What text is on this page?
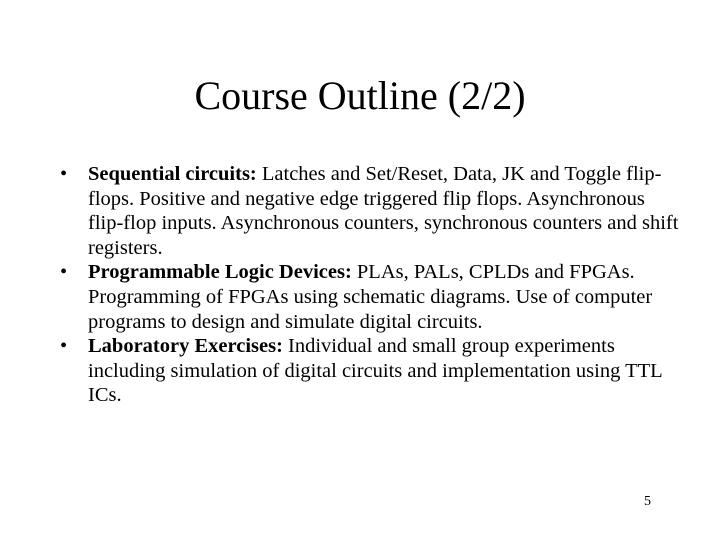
Course Outline (2/2)
•	Sequential circuits: Latches and Set/Reset, Data, JK and Toggle flip-flops. Positive and negative edge triggered flip flops. Asynchronous flip-flop inputs. Asynchronous counters, synchronous counters and shift registers.
•	Programmable Logic Devices: PLAs, PALs, CPLDs and FPGAs. Programming of FPGAs using schematic diagrams. Use of computer programs to design and simulate digital circuits.
•	Laboratory Exercises: Individual and small group experiments including simulation of digital circuits and implementation using TTL ICs.
5
